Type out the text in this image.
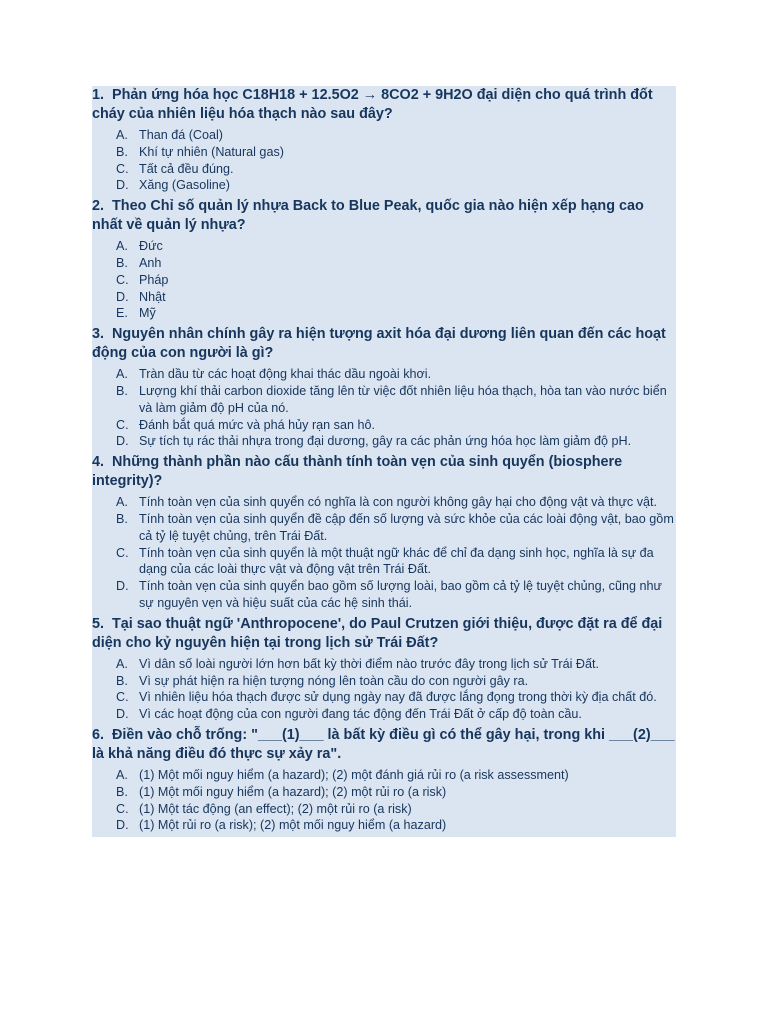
1. Phản ứng hóa học C18H18 + 12.5O2 → 8CO2 + 9H2O đại diện cho quá trình đốt cháy của nhiên liệu hóa thạch nào sau đây?
A. Than đá (Coal)
B. Khí tự nhiên (Natural gas)
C. Tất cả đều đúng.
D. Xăng (Gasoline)
2. Theo Chỉ số quản lý nhựa Back to Blue Peak, quốc gia nào hiện xếp hạng cao nhất về quản lý nhựa?
A. Đức
B. Anh
C. Pháp
D. Nhật
E. Mỹ
3. Nguyên nhân chính gây ra hiện tượng axit hóa đại dương liên quan đến các hoạt động của con người là gì?
A. Tràn dầu từ các hoạt động khai thác dầu ngoài khơi.
B. Lượng khí thải carbon dioxide tăng lên từ việc đốt nhiên liệu hóa thạch, hòa tan vào nước biển và làm giảm độ pH của nó.
C. Đánh bắt quá mức và phá hủy rạn san hô.
D. Sự tích tụ rác thải nhựa trong đại dương, gây ra các phản ứng hóa học làm giảm độ pH.
4. Những thành phần nào cấu thành tính toàn vẹn của sinh quyển (biosphere integrity)?
A. Tính toàn vẹn của sinh quyển có nghĩa là con người không gây hại cho động vật và thực vật.
B. Tính toàn vẹn của sinh quyển đề cập đến số lượng và sức khỏe của các loài động vật, bao gồm cả tỷ lệ tuyệt chủng, trên Trái Đất.
C. Tính toàn vẹn của sinh quyển là một thuật ngữ khác để chỉ đa dạng sinh học, nghĩa là sự đa dạng của các loài thực vật và động vật trên Trái Đất.
D. Tính toàn vẹn của sinh quyển bao gồm số lượng loài, bao gồm cả tỷ lệ tuyệt chủng, cũng như sự nguyên vẹn và hiệu suất của các hệ sinh thái.
5. Tại sao thuật ngữ 'Anthropocene', do Paul Crutzen giới thiệu, được đặt ra để đại diện cho kỷ nguyên hiện tại trong lịch sử Trái Đất?
A. Vì dân số loài người lớn hơn bất kỳ thời điểm nào trước đây trong lịch sử Trái Đất.
B. Vì sự phát hiện ra hiện tượng nóng lên toàn cầu do con người gây ra.
C. Vì nhiên liệu hóa thạch được sử dụng ngày nay đã được lắng đọng trong thời kỳ địa chất đó.
D. Vì các hoạt động của con người đang tác động đến Trái Đất ở cấp độ toàn cầu.
6. Điền vào chỗ trống: "___(1)___ là bất kỳ điều gì có thể gây hại, trong khi ___(2)___ là khả năng điều đó thực sự xảy ra".
A. (1) Một mối nguy hiểm (a hazard); (2) một đánh giá rủi ro (a risk assessment)
B. (1) Một mối nguy hiểm (a hazard); (2) một rủi ro (a risk)
C. (1) Một tác động (an effect); (2) một rủi ro (a risk)
D. (1) Một rủi ro (a risk); (2) một mối nguy hiểm (a hazard)
